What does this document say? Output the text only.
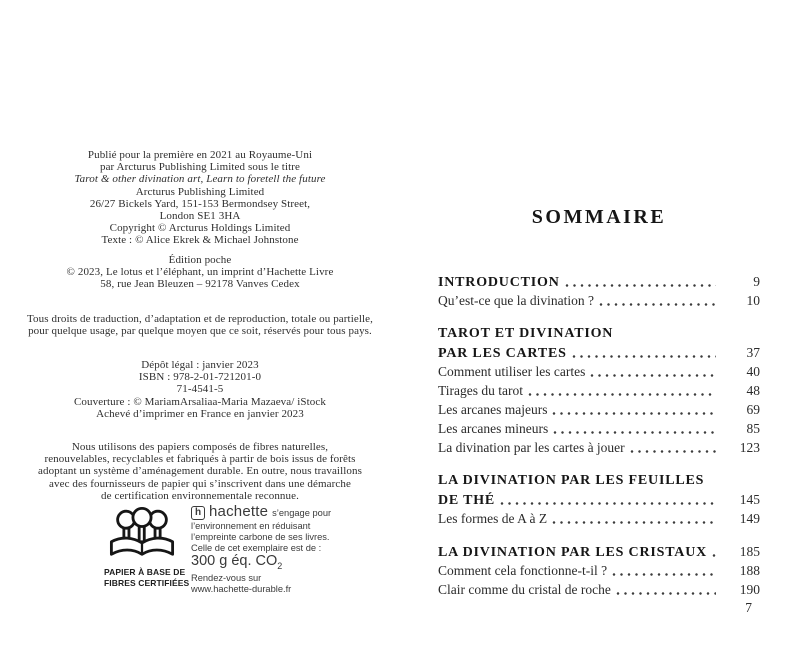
Publié pour la première en 2021 au Royaume-Uni
par Arcturus Publishing Limited sous le titre
Tarot & other divination art, Learn to foretell the future
Arcturus Publishing Limited
26/27 Bickels Yard, 151-153 Bermondsey Street,
London SE1 3HA
Copyright © Arcturus Holdings Limited
Texte : © Alice Ekrek & Michael Johnstone
Édition poche
© 2023, Le lotus et l’éléphant, un imprint d’Hachette Livre
58, rue Jean Bleuzen – 92178 Vanves Cedex
Tous droits de traduction, d’adaptation et de reproduction, totale ou partielle,
pour quelque usage, par quelque moyen que ce soit, réservés pour tous pays.
Dépôt légal : janvier 2023
ISBN : 978-2-01-721201-0
71-4541-5
Couverture : © MariamArsaliaa-Maria Mazaeva/ iStock
Achevé d’imprimer en France en janvier 2023
Nous utilisons des papiers composés de fibres naturelles,
renouvelables, recyclables et fabriqués à partir de bois issus de forêts
adoptant un système d’aménagement durable. En outre, nous travaillons
avec des fournisseurs de papier qui s’inscrivent dans une démarche
de certification environnementale reconnue.
PAPIER À BASE DE
FIBRES CERTIFIÉES
h hachette s’engage pour
l’environnement en réduisant
l’empreinte carbone de ses livres.
Celle de cet exemplaire est de :
300 g éq. $CO_2$
Rendez-vous sur
www.hachette-durable.fr
SOMMAIRE
INTRODUCTION	9
Qu’est-ce que la divination ?	10
TAROT ET DIVINATION
PAR LES CARTES	37
Comment utiliser les cartes	40
Tirages du tarot	48
Les arcanes majeurs	69
Les arcanes mineurs	85
La divination par les cartes à jouer	123
LA DIVINATION PAR LES FEUILLES
DE THÉ	145
Les formes de A à Z	149
LA DIVINATION PAR LES CRISTAUX	185
Comment cela fonctionne-t-il ?	188
Clair comme du cristal de roche	190
7
